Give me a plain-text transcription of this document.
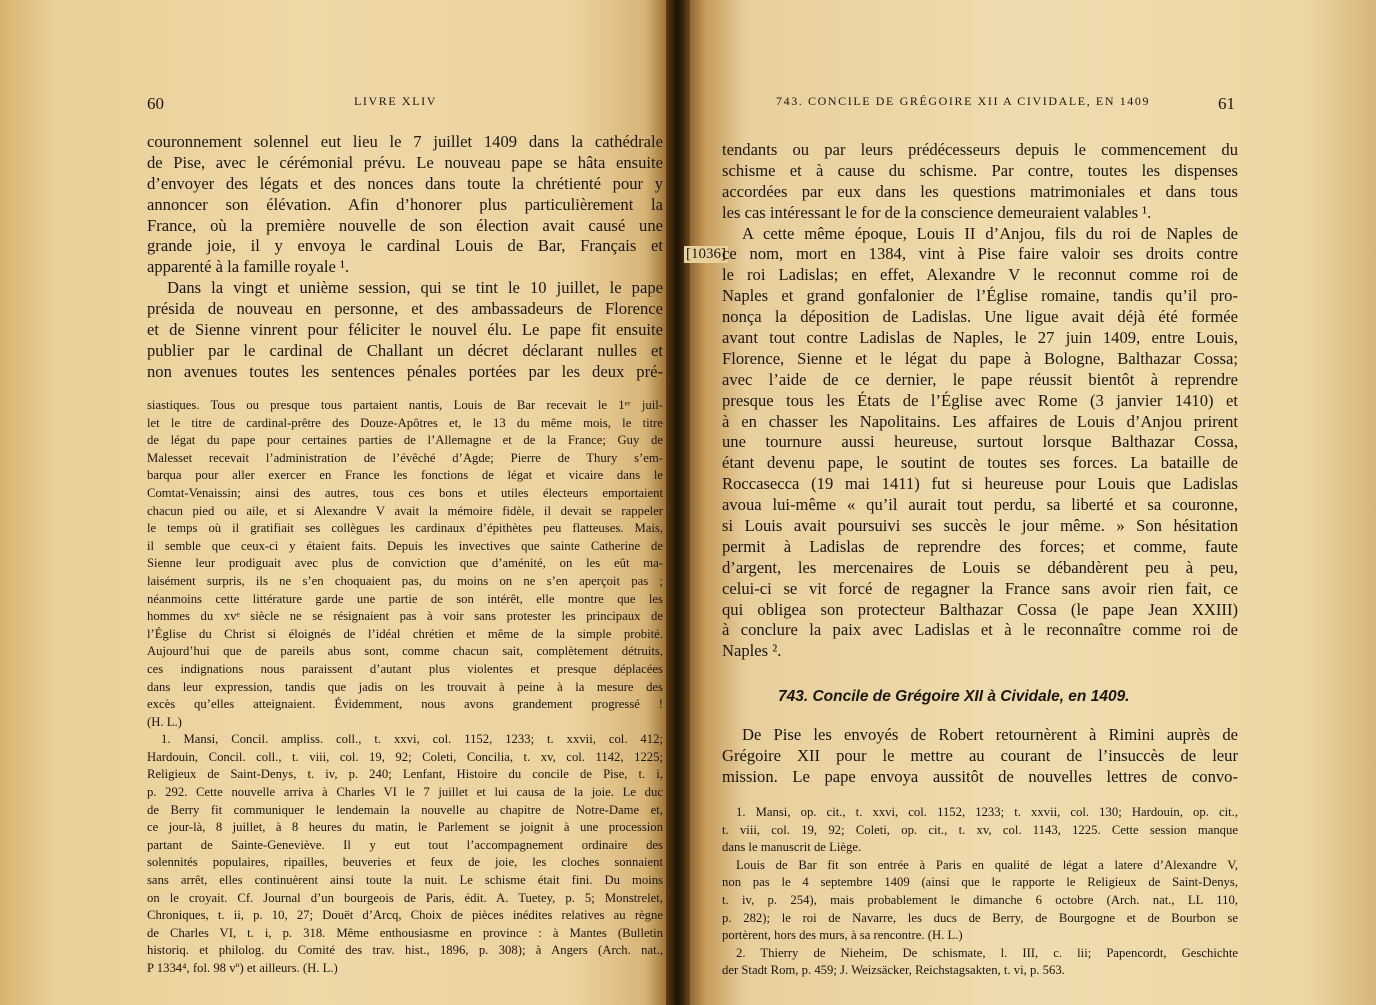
60	LIVRE XLIV
couronnement solennel eut lieu le 7 juillet 1409 dans la cathédrale
de Pise, avec le cérémonial prévu. Le nouveau pape se hâta ensuite
d’envoyer des légats et des nonces dans toute la chrétienté pour y
annoncer son élévation. Afin d’honorer plus particulièrement la
France, où la première nouvelle de son élection avait causé une
grande joie, il y envoya le cardinal Louis de Bar, Français et
apparenté à la famille royale ¹.
Dans la vingt et unième session, qui se tint le 10 juillet, le pape
présida de nouveau en personne, et des ambassadeurs de Florence
et de Sienne vinrent pour féliciter le nouvel élu. Le pape fit ensuite
publier par le cardinal de Challant un décret déclarant nulles et
non avenues toutes les sentences pénales portées par les deux pré-
siastiques. Tous ou presque tous partaient nantis, Louis de Bar recevait le 1ᵉʳ juil-
let le titre de cardinal-prêtre des Douze-Apôtres et, le 13 du même mois, le titre
de légat du pape pour certaines parties de l’Allemagne et de la France; Guy de
Malesset recevait l’administration de l’évêché d’Agde; Pierre de Thury s’em-
barqua pour aller exercer en France les fonctions de légat et vicaire dans le
Comtat-Venaissin; ainsi des autres, tous ces bons et utiles électeurs emportaient
chacun pied ou aile, et si Alexandre V avait la mémoire fidèle, il devait se rappeler
le temps où il gratifiait ses collègues les cardinaux d’épithètes peu flatteuses. Mais,
il semble que ceux-ci y étaient faits. Depuis les invectives que sainte Catherine de
Sienne leur prodiguait avec plus de conviction que d’aménité, on les eût ma-
laisément surpris, ils ne s’en choquaient pas, du moins on ne s’en aperçoit pas ;
néanmoins cette littérature garde une partie de son intérêt, elle montre que les
hommes du xvᵉ siècle ne se résignaient pas à voir sans protester les principaux de
l’Église du Christ si éloignés de l’idéal chrétien et même de la simple probité.
Aujourd’hui que de pareils abus sont, comme chacun sait, complètement détruits,
ces indignations nous paraissent d’autant plus violentes et presque déplacées
dans leur expression, tandis que jadis on les trouvait à peine à la mesure des
excès qu’elles atteignaient. Évidemment, nous avons grandement progressé !
(H. L.)
1. Mansi, Concil. ampliss. coll., t. xxvi, col. 1152, 1233; t. xxvii, col. 412;
Hardouin, Concil. coll., t. viii, col. 19, 92; Coleti, Concilia, t. xv, col. 1142, 1225;
Religieux de Saint-Denys, t. iv, p. 240; Lenfant, Histoire du concile de Pise, t. i,
p. 292. Cette nouvelle arriva à Charles VI le 7 juillet et lui causa de la joie. Le duc
de Berry fit communiquer le lendemain la nouvelle au chapitre de Notre-Dame et,
ce jour-là, 8 juillet, à 8 heures du matin, le Parlement se joignit à une procession
partant de Sainte-Geneviève. Il y eut tout l’accompagnement ordinaire des
solennités populaires, ripailles, beuveries et feux de joie, les cloches sonnaient
sans arrêt, elles continuèrent ainsi toute la nuit. Le schisme était fini. Du moins
on le croyait. Cf. Journal d’un bourgeois de Paris, édit. A. Tuetey, p. 5; Monstrelet,
Chroniques, t. ii, p. 10, 27; Douët d’Arcq, Choix de pièces inédites relatives au règne
de Charles VI, t. i, p. 318. Même enthousiasme en province : à Mantes (Bulletin
historiq. et philolog. du Comité des trav. hist., 1896, p. 308); à Angers (Arch. nat.,
P 1334⁴, fol. 98 vº) et ailleurs. (H. L.)
743. CONCILE DE GRÉGOIRE XII A CIVIDALE, EN 1409	61
[1036]
tendants ou par leurs prédécesseurs depuis le commencement du
schisme et à cause du schisme. Par contre, toutes les dispenses
accordées par eux dans les questions matrimoniales et dans tous
les cas intéressant le for de la conscience demeuraient valables ¹.
A cette même époque, Louis II d’Anjou, fils du roi de Naples de
ce nom, mort en 1384, vint à Pise faire valoir ses droits contre
le roi Ladislas; en effet, Alexandre V le reconnut comme roi de
Naples et grand gonfalonier de l’Église romaine, tandis qu’il pro-
nonça la déposition de Ladislas. Une ligue avait déjà été formée
avant tout contre Ladislas de Naples, le 27 juin 1409, entre Louis,
Florence, Sienne et le légat du pape à Bologne, Balthazar Cossa;
avec l’aide de ce dernier, le pape réussit bientôt à reprendre
presque tous les États de l’Église avec Rome (3 janvier 1410) et
à en chasser les Napolitains. Les affaires de Louis d’Anjou prirent
une tournure aussi heureuse, surtout lorsque Balthazar Cossa,
étant devenu pape, le soutint de toutes ses forces. La bataille de
Roccasecca (19 mai 1411) fut si heureuse pour Louis que Ladislas
avoua lui-même « qu’il aurait tout perdu, sa liberté et sa couronne,
si Louis avait poursuivi ses succès le jour même. » Son hésitation
permit à Ladislas de reprendre des forces; et comme, faute
d’argent, les mercenaires de Louis se débandèrent peu à peu,
celui-ci se vit forcé de regagner la France sans avoir rien fait, ce
qui obligea son protecteur Balthazar Cossa (le pape Jean XXIII)
à conclure la paix avec Ladislas et à le reconnaître comme roi de
Naples ².
743. Concile de Grégoire XII à Cividale, en 1409.
De Pise les envoyés de Robert retournèrent à Rimini auprès de
Grégoire XII pour le mettre au courant de l’insuccès de leur
mission. Le pape envoya aussitôt de nouvelles lettres de convo-
1. Mansi, op. cit., t. xxvi, col. 1152, 1233; t. xxvii, col. 130; Hardouin, op. cit.,
t. viii, col. 19, 92; Coleti, op. cit., t. xv, col. 1143, 1225. Cette session manque
dans le manuscrit de Liège.
Louis de Bar fit son entrée à Paris en qualité de légat a latere d’Alexandre V,
non pas le 4 septembre 1409 (ainsi que le rapporte le Religieux de Saint-Denys,
t. iv, p. 254), mais probablement le dimanche 6 octobre (Arch. nat., LL 110,
p. 282); le roi de Navarre, les ducs de Berry, de Bourgogne et de Bourbon se
portèrent, hors des murs, à sa rencontre. (H. L.)
2. Thierry de Nieheim, De schismate, l. III, c. lii; Papencordt, Geschichte
der Stadt Rom, p. 459; J. Weizsäcker, Reichstagsakten, t. vi, p. 563.
